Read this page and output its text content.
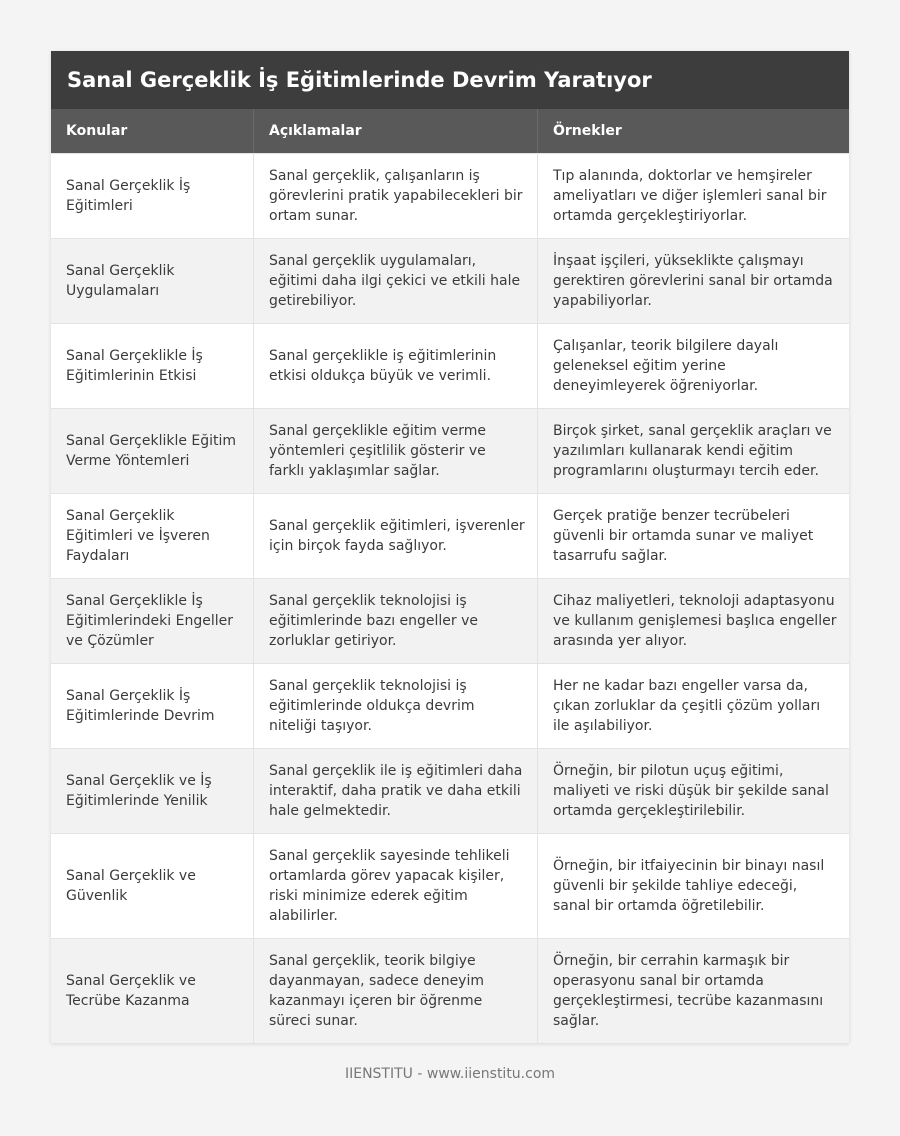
Sanal Gerçeklik İş Eğitimlerinde Devrim Yaratıyor
Konular	Açıklamalar	Örnekler
Sanal Gerçeklik İş Eğitimleri
Sanal gerçeklik, çalışanların iş görevlerini pratik yapabilecekleri bir ortam sunar.
Tıp alanında, doktorlar ve hemşireler ameliyatları ve diğer işlemleri sanal bir ortamda gerçekleştiriyorlar.
Sanal Gerçeklik Uygulamaları
Sanal gerçeklik uygulamaları, eğitimi daha ilgi çekici ve etkili hale getirebiliyor.
İnşaat işçileri, yükseklikte çalışmayı gerektiren görevlerini sanal bir ortamda yapabiliyorlar.
Sanal Gerçeklikle İş Eğitimlerinin Etkisi
Sanal gerçeklikle iş eğitimlerinin etkisi oldukça büyük ve verimli.
Çalışanlar, teorik bilgilere dayalı geleneksel eğitim yerine deneyimleyerek öğreniyorlar.
Sanal Gerçeklikle Eğitim Verme Yöntemleri
Sanal gerçeklikle eğitim verme yöntemleri çeşitlilik gösterir ve farklı yaklaşımlar sağlar.
Birçok şirket, sanal gerçeklik araçları ve yazılımları kullanarak kendi eğitim programlarını oluşturmayı tercih eder.
Sanal Gerçeklik Eğitimleri ve İşveren Faydaları
Sanal gerçeklik eğitimleri, işverenler için birçok fayda sağlıyor.
Gerçek pratiğe benzer tecrübeleri güvenli bir ortamda sunar ve maliyet tasarrufu sağlar.
Sanal Gerçeklikle İş Eğitimlerindeki Engeller ve Çözümler
Sanal gerçeklik teknolojisi iş eğitimlerinde bazı engeller ve zorluklar getiriyor.
Cihaz maliyetleri, teknoloji adaptasyonu ve kullanım genişlemesi başlıca engeller arasında yer alıyor.
Sanal Gerçeklik İş Eğitimlerinde Devrim
Sanal gerçeklik teknolojisi iş eğitimlerinde oldukça devrim niteliği taşıyor.
Her ne kadar bazı engeller varsa da, çıkan zorluklar da çeşitli çözüm yolları ile aşılabiliyor.
Sanal Gerçeklik ve İş Eğitimlerinde Yenilik
Sanal gerçeklik ile iş eğitimleri daha interaktif, daha pratik ve daha etkili hale gelmektedir.
Örneğin, bir pilotun uçuş eğitimi, maliyeti ve riski düşük bir şekilde sanal ortamda gerçekleştirilebilir.
Sanal Gerçeklik ve Güvenlik
Sanal gerçeklik sayesinde tehlikeli ortamlarda görev yapacak kişiler, riski minimize ederek eğitim alabilirler.
Örneğin, bir itfaiyecinin bir binayı nasıl güvenli bir şekilde tahliye edeceği, sanal bir ortamda öğretilebilir.
Sanal Gerçeklik ve Tecrübe Kazanma
Sanal gerçeklik, teorik bilgiye dayanmayan, sadece deneyim kazanmayı içeren bir öğrenme süreci sunar.
Örneğin, bir cerrahin karmaşık bir operasyonu sanal bir ortamda gerçekleştirmesi, tecrübe kazanmasını sağlar.
IIENSTITU - www.iienstitu.com
